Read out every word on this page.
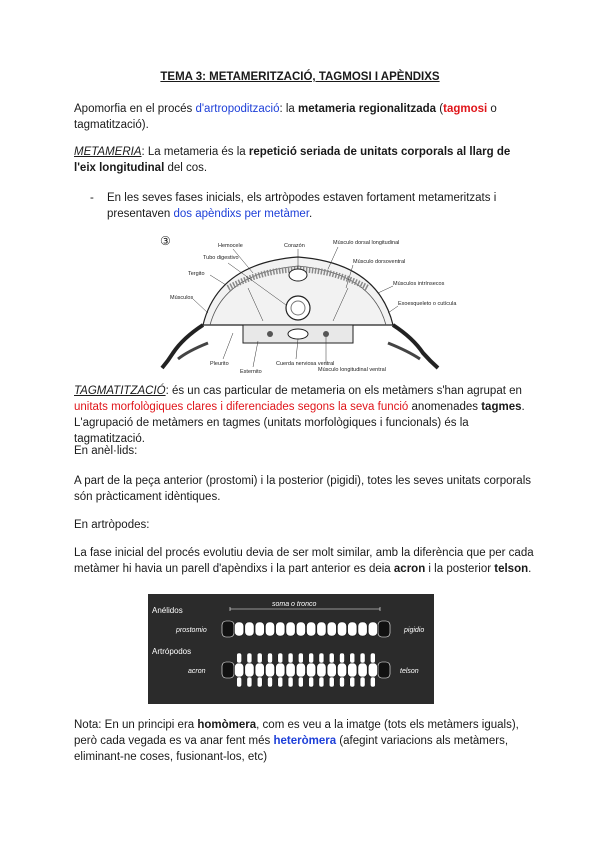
TEMA 3: METAMERITZACIÓ, TAGMOSI I APÈNDIXS
Apomorfia en el procés d'artropodització: la metameria regionalitzada (tagmosi o tagmatització).
METAMERIA: La metameria és la repetició seriada de unitats corporals al llarg de l'eix longitudinal del cos.
- En les seves fases inicials, els artròpodes estaven fortament metameritzats i presentaven dos apèndixs per metàmer.
③	Hemocele	Corazón	Músculo dorsal longitudinal
Tubo digestivo
Músculo dorsoventral
Tergito
Músculos intrínsecos
Músculos
Exoesqueleto o cutícula
Pleurito
Esternito
Cuerda nerviosa ventral
Músculo longitudinal ventral
TAGMATITZACIÓ: és un cas particular de metameria on els metàmers s'han agrupat en unitats morfològiques clares i diferenciades segons la seva funció anomenades tagmes. L'agrupació de metàmers en tagmes (unitats morfològiques i funcionals) és la tagmatització.
En anèl·lids:
A part de la peça anterior (prostomi) i la posterior (pigidi), totes les seves unitats corporals són pràcticament idèntiques.
En artròpodes:
La fase inicial del procés evolutiu devia de ser molt similar, amb la diferència que per cada metàmer hi havia un parell d'apèndixs i la part anterior es deia acron i la posterior telson.
Anélidos
soma o tronco
prostomio	pigidio
Artrópodos
acron	telson
Nota: En un principi era homòmera, com es veu a la imatge (tots els metàmers iguals), però cada vegada es va anar fent més heteròmera (afegint variacions als metàmers, eliminant-ne coses, fusionant-los, etc)
